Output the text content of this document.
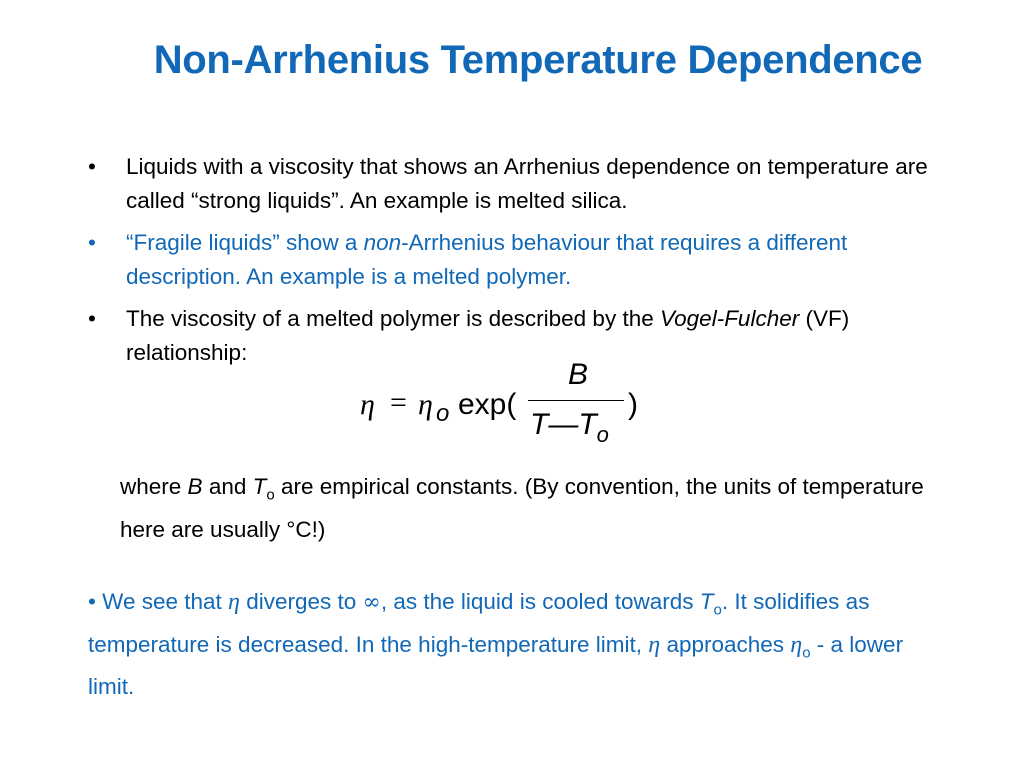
Non-Arrhenius Temperature Dependence
• Liquids with a viscosity that shows an Arrhenius dependence on temperature are called “strong liquids”. An example is melted silica.
• “Fragile liquids” show a non-Arrhenius behaviour that requires a different description. An example is a melted polymer.
• The viscosity of a melted polymer is described by the Vogel-Fulcher (VF) relationship:
η = η o exp(
B
$T—T_o$
)
where B and $T_o$ are empirical constants. (By convention, the units of temperature here are usually °C!)
• We see that η diverges to ∞, as the liquid is cooled towards $T_o$. It solidifies as temperature is decreased. In the high-temperature limit, η approaches $\eta_o$ - a lower limit.
